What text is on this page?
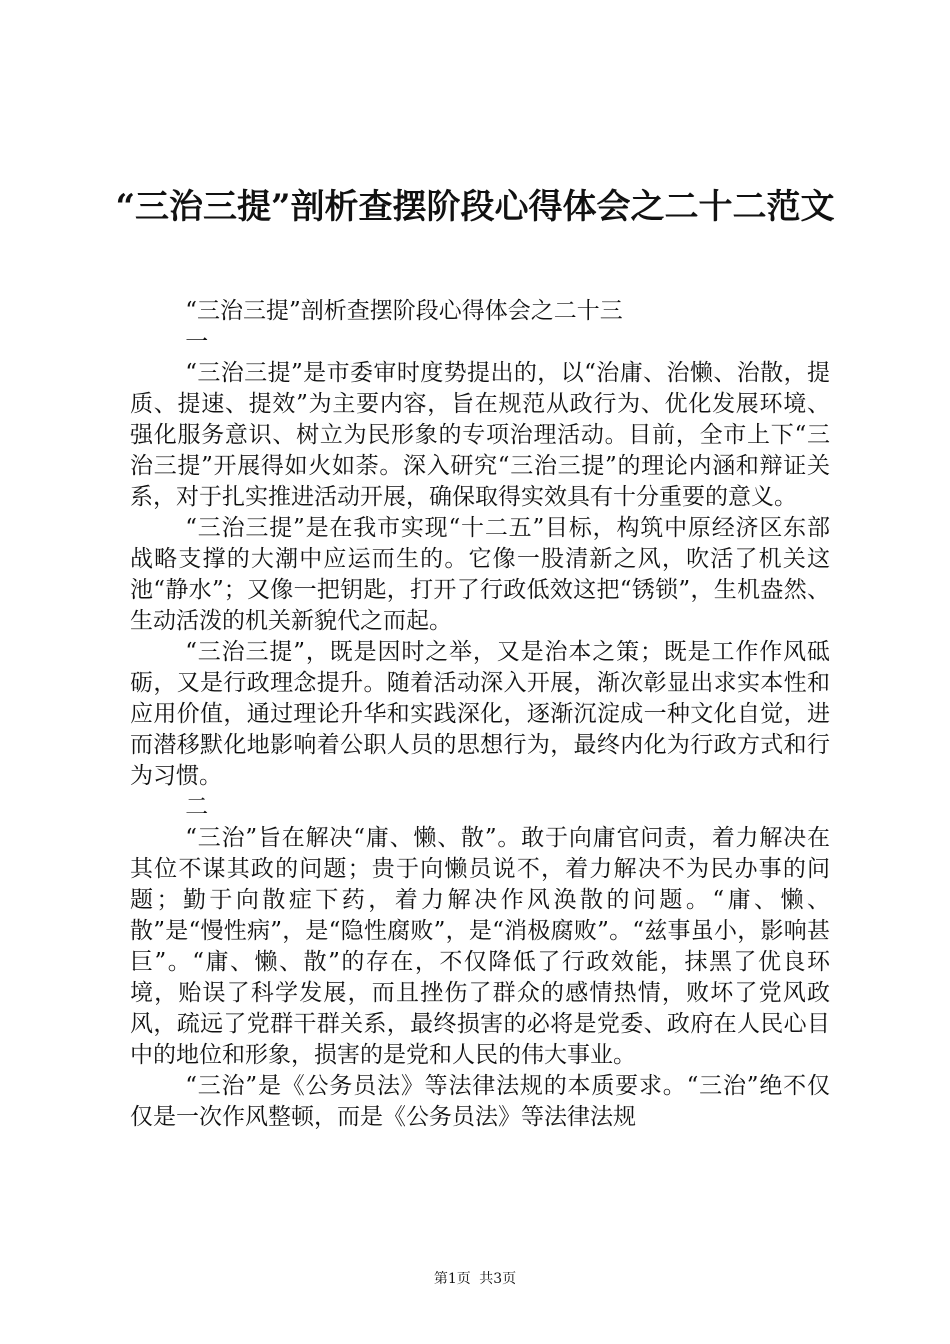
“三治三提”剖析查摆阶段心得体会之二十二范文

“三治三提”剖析查摆阶段心得体会之二十三

一

“三治三提”是市委审时度势提出的，以“治庸、治懒、治散，提质、提速、提效”为主要内容，旨在规范从政行为、优化发展环境、强化服务意识、树立为民形象的专项治理活动。目前，全市上下“三治三提”开展得如火如荼。深入研究“三治三提”的理论内涵和辩证关系，对于扎实推进活动开展，确保取得实效具有十分重要的意义。

“三治三提”是在我市实现“十二五”目标，构筑中原经济区东部战略支撑的大潮中应运而生的。它像一股清新之风，吹活了机关这池“静水”；又像一把钥匙，打开了行政低效这把“锈锁”，生机盎然、生动活泼的机关新貌代之而起。

“三治三提”，既是因时之举，又是治本之策；既是工作作风砥砺，又是行政理念提升。随着活动深入开展，渐次彰显出求实本性和应用价值，通过理论升华和实践深化，逐渐沉淀成一种文化自觉，进而潜移默化地影响着公职人员的思想行为，最终内化为行政方式和行为习惯。

二

“三治”旨在解决“庸、懒、散”。敢于向庸官问责，着力解决在其位不谋其政的问题；贵于向懒员说不，着力解决不为民办事的问题；勤于向散症下药，着力解决作风涣散的问题。“庸、懒、散”是“慢性病”，是“隐性腐败”，是“消极腐败”。“兹事虽小，影响甚巨”。“庸、懒、散”的存在，不仅降低了行政效能，抹黑了优良环境，贻误了科学发展，而且挫伤了群众的感情热情，败坏了党风政风，疏远了党群干群关系，最终损害的必将是党委、政府在人民心目中的地位和形象，损害的是党和人民的伟大事业。

“三治”是《公务员法》等法律法规的本质要求。“三治”绝不仅仅是一次作风整顿，而是《公务员法》等法律法规

第1页 共3页
